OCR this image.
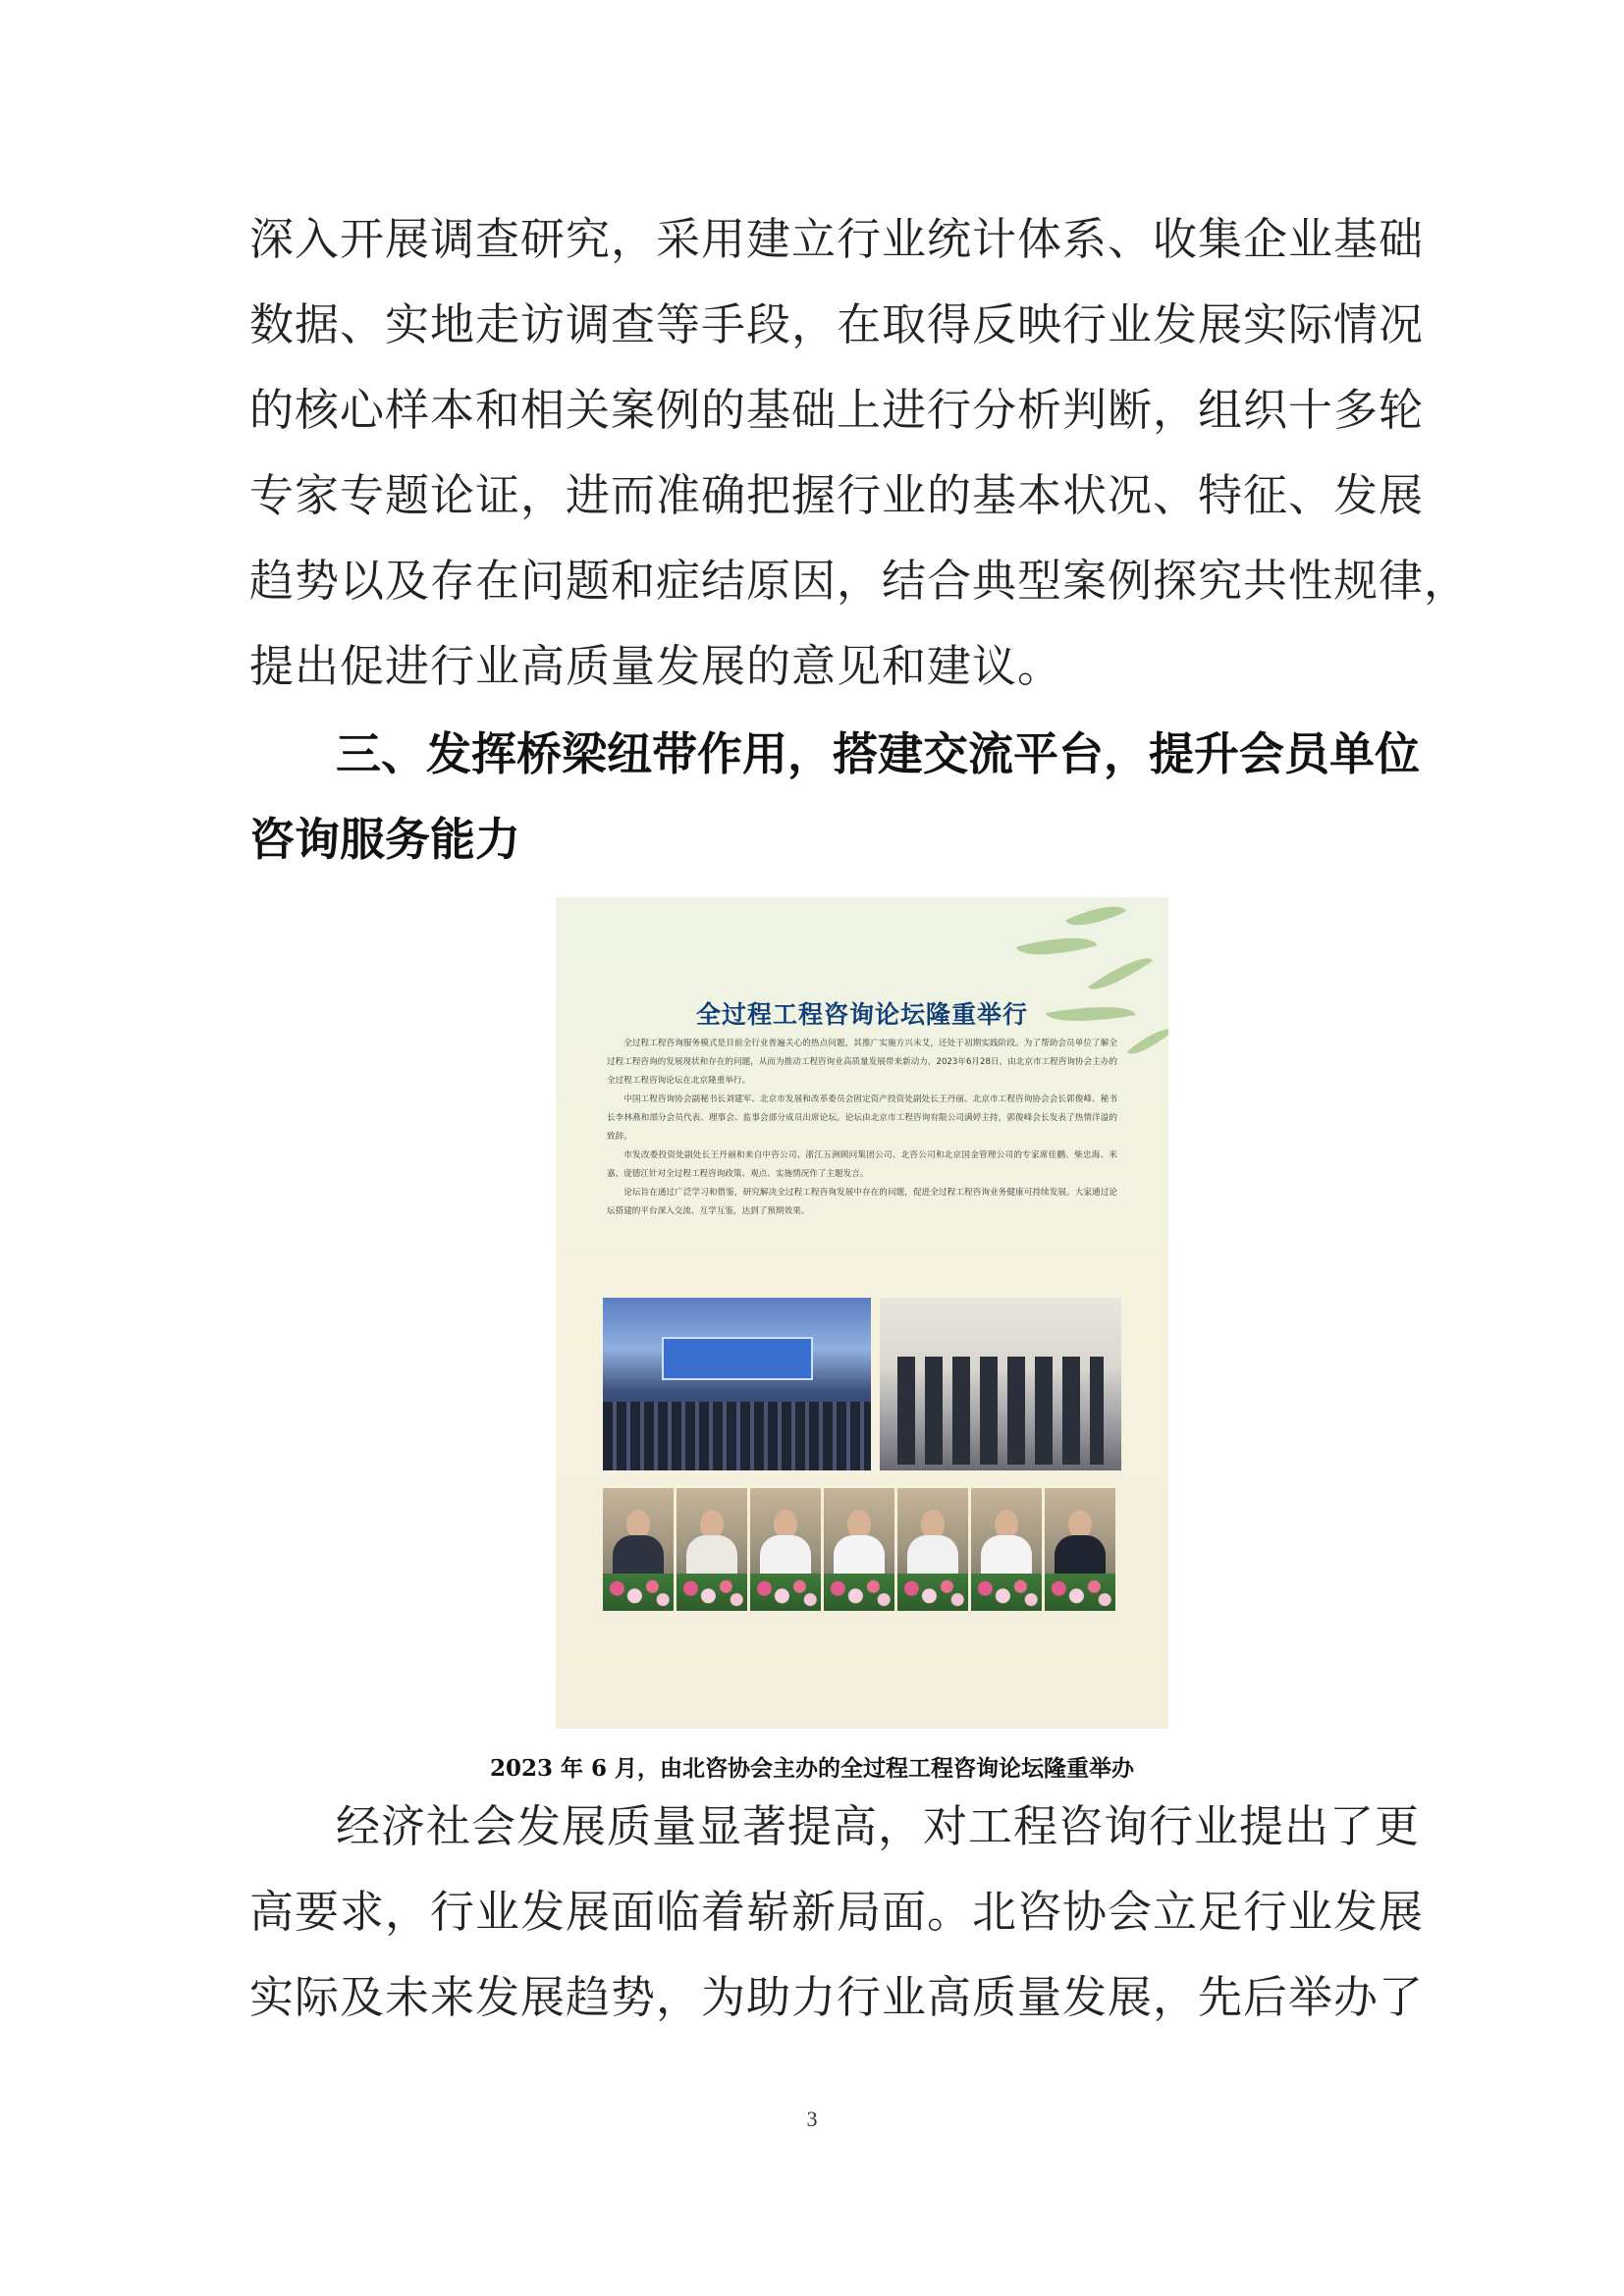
深入开展调查研究，采用建立行业统计体系、收集企业基础
数据、实地走访调查等手段，在取得反映行业发展实际情况
的核心样本和相关案例的基础上进行分析判断，组织十多轮
专家专题论证，进而准确把握行业的基本状况、特征、发展
趋势以及存在问题和症结原因，结合典型案例探究共性规律，
提出促进行业高质量发展的意见和建议。
三、发挥桥梁纽带作用，搭建交流平台，提升会员单位
咨询服务能力
全过程工程咨询论坛隆重举行

全过程工程咨询服务模式是目前全行业普遍关心的热点问题，其推广实施方兴未艾，还处于初期实践阶段。为了帮助会员单位了解全过程工程咨询的发展现状和存在的问题，从而为推动工程咨询业高质量发展带来新动力，2023年6月28日，由北京市工程咨询协会主办的全过程工程咨询论坛在北京隆重举行。

中国工程咨询协会副秘书长刘建军、北京市发展和改革委员会固定资产投资处副处长王丹丽、北京市工程咨询协会会长郭俊峰、秘书长李林燕和部分会员代表、理事会、监事会部分成员出席论坛。论坛由北京市工程咨询有限公司满婷主持，郭俊峰会长发表了热情洋溢的致辞。

市发改委投资处副处长王丹丽和来自中咨公司、浙江五洲顾问集团公司、北咨公司和北京国金管理公司的专家席佳鹏、柴忠海、米嘉、庞德江针对全过程工程咨询政策、观点、实施情况作了主题发言。

论坛旨在通过广泛学习和借鉴，研究解决全过程工程咨询发展中存在的问题，促进全过程工程咨询业务健康可持续发展。大家通过论坛搭建的平台深入交流、互学互鉴，达到了预期效果。

2023 年 6 月，由北咨协会主办的全过程工程咨询论坛隆重举办
经济社会发展质量显著提高，对工程咨询行业提出了更
高要求，行业发展面临着崭新局面。北咨协会立足行业发展
实际及未来发展趋势，为助力行业高质量发展，先后举办了
3
